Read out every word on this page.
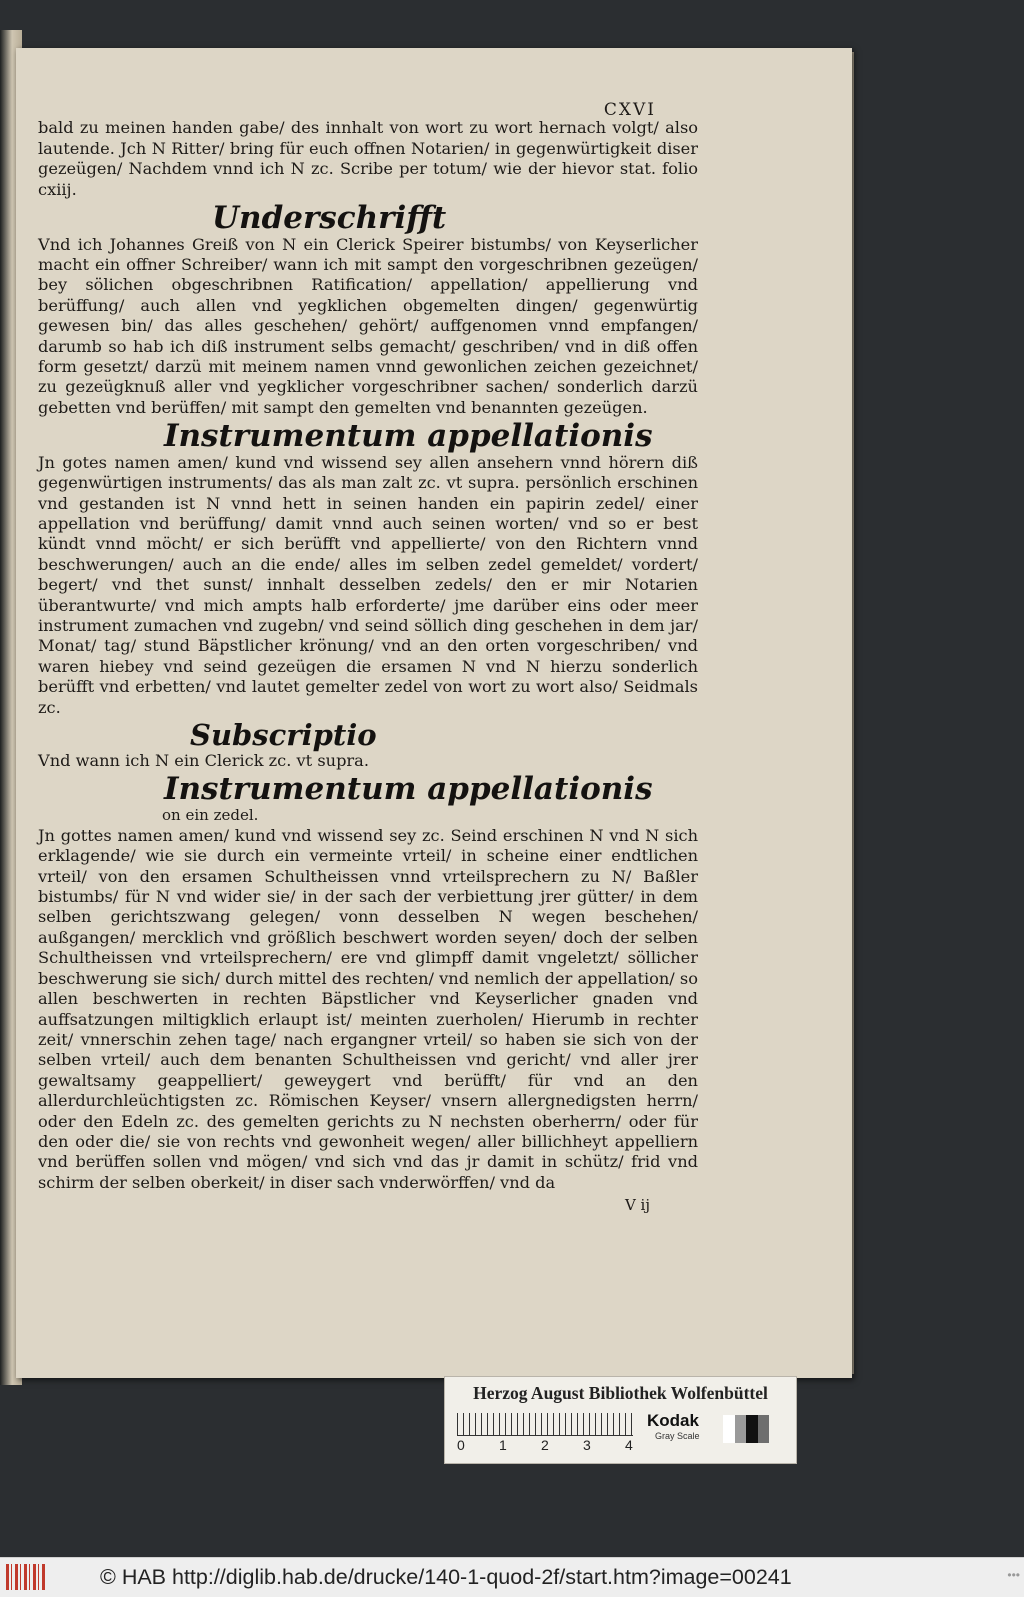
CXVI

bald zu meinen handen gabe/ des innhalt von wort zu wort hernach volgt/ also lautende. Jch N Ritter/ bring für euch offnen Notarien/ in gegenwürtigkeit diser gezeügen/ Nachdem vnnd ich N zc. Scribe per totum/ wie der hievor stat. folio cxiij.

Underschrifft

Vnd ich Johannes Greiß von N ein Clerick Speirer bistumbs/ von Keyserlicher macht ein offner Schreiber/ wann ich mit sampt den vorgeschribnen gezeügen/ bey sölichen obgeschribnen Ratification/ appellation/ appellierung vnd berüffung/ auch allen vnd yegklichen obgemelten dingen/ gegenwürtig gewesen bin/ das alles geschehen/ gehört/ auffgenomen vnnd empfangen/ darumb so hab ich diß instrument selbs gemacht/ geschriben/ vnd in diß offen form gesetzt/ darzü mit meinem namen vnnd gewonlichen zeichen gezeichnet/ zu gezeügknuß aller vnd yegklicher vorgeschribner sachen/ sonderlich darzü gebetten vnd berüffen/ mit sampt den gemelten vnd benannten gezeügen.

Instrumentum appellationis

Jn gotes namen amen/ kund vnd wissend sey allen ansehern vnnd hörern diß gegenwürtigen instruments/ das als man zalt zc. vt supra. persönlich erschinen vnd gestanden ist N vnnd hett in seinen handen ein papirin zedel/ einer appellation vnd berüffung/ damit vnnd auch seinen worten/ vnd so er best kündt vnnd möcht/ er sich berüfft vnd appellierte/ von den Richtern vnnd beschwerungen/ auch an die ende/ alles im selben zedel gemeldet/ vordert/ begert/ vnd thet sunst/ innhalt desselben zedels/ den er mir Notarien überantwurte/ vnd mich ampts halb erforderte/ jme darüber eins oder meer instrument zumachen vnd zugebn/ vnd seind söllich ding geschehen in dem jar/ Monat/ tag/ stund Bäpstlicher krönung/ vnd an den orten vorgeschriben/ vnd waren hiebey vnd seind gezeügen die ersamen N vnd N hierzu sonderlich berüfft vnd erbetten/ vnd lautet gemelter zedel von wort zu wort also/ Seidmals zc.

Subscriptio

Vnd wann ich N ein Clerick zc. vt supra.

Instrumentum appellationis

on ein zedel.

Jn gottes namen amen/ kund vnd wissend sey zc. Seind erschinen N vnd N sich erklagende/ wie sie durch ein vermeinte vrteil/ in scheine einer endtlichen vrteil/ von den ersamen Schultheissen vnnd vrteilsprechern zu N/ Baßler bistumbs/ für N vnd wider sie/ in der sach der verbiettung jrer gütter/ in dem selben gerichtszwang gelegen/ vonn desselben N wegen beschehen/ außgangen/ mercklich vnd größlich beschwert worden seyen/ doch der selben Schultheissen vnd vrteilsprechern/ ere vnd glimpff damit vngeletzt/ söllicher beschwerung sie sich/ durch mittel des rechten/ vnd nemlich der appellation/ so allen beschwerten in rechten Bäpstlicher vnd Keyserlicher gnaden vnd auffsatzungen miltigklich erlaupt ist/ meinten zuerholen/ Hierumb in rechter zeit/ vnnerschin zehen tage/ nach ergangner vrteil/ so haben sie sich von der selben vrteil/ auch dem benanten Schultheissen vnd gericht/ vnd aller jrer gewaltsamy geappelliert/ geweygert vnd berüfft/ für vnd an den allerdurchleüchtigsten zc. Römischen Keyser/ vnsern allergnedigsten herrn/ oder den Edeln zc. des gemelten gerichts zu N nechsten oberherrn/ oder für den oder die/ sie von rechts vnd gewonheit wegen/ aller billichheyt appelliern vnd berüffen sollen vnd mögen/ vnd sich vnd das jr damit in schütz/ frid vnd schirm der selben oberkeit/ in diser sach vnderwörffen/ vnd da

V ij
Herzog August Bibliothek Wolfenbüttel
0 1 2 3 4
Kodak
Gray Scale
© HAB http://diglib.hab.de/drucke/140-1-quod-2f/start.htm?image=00241	•••
